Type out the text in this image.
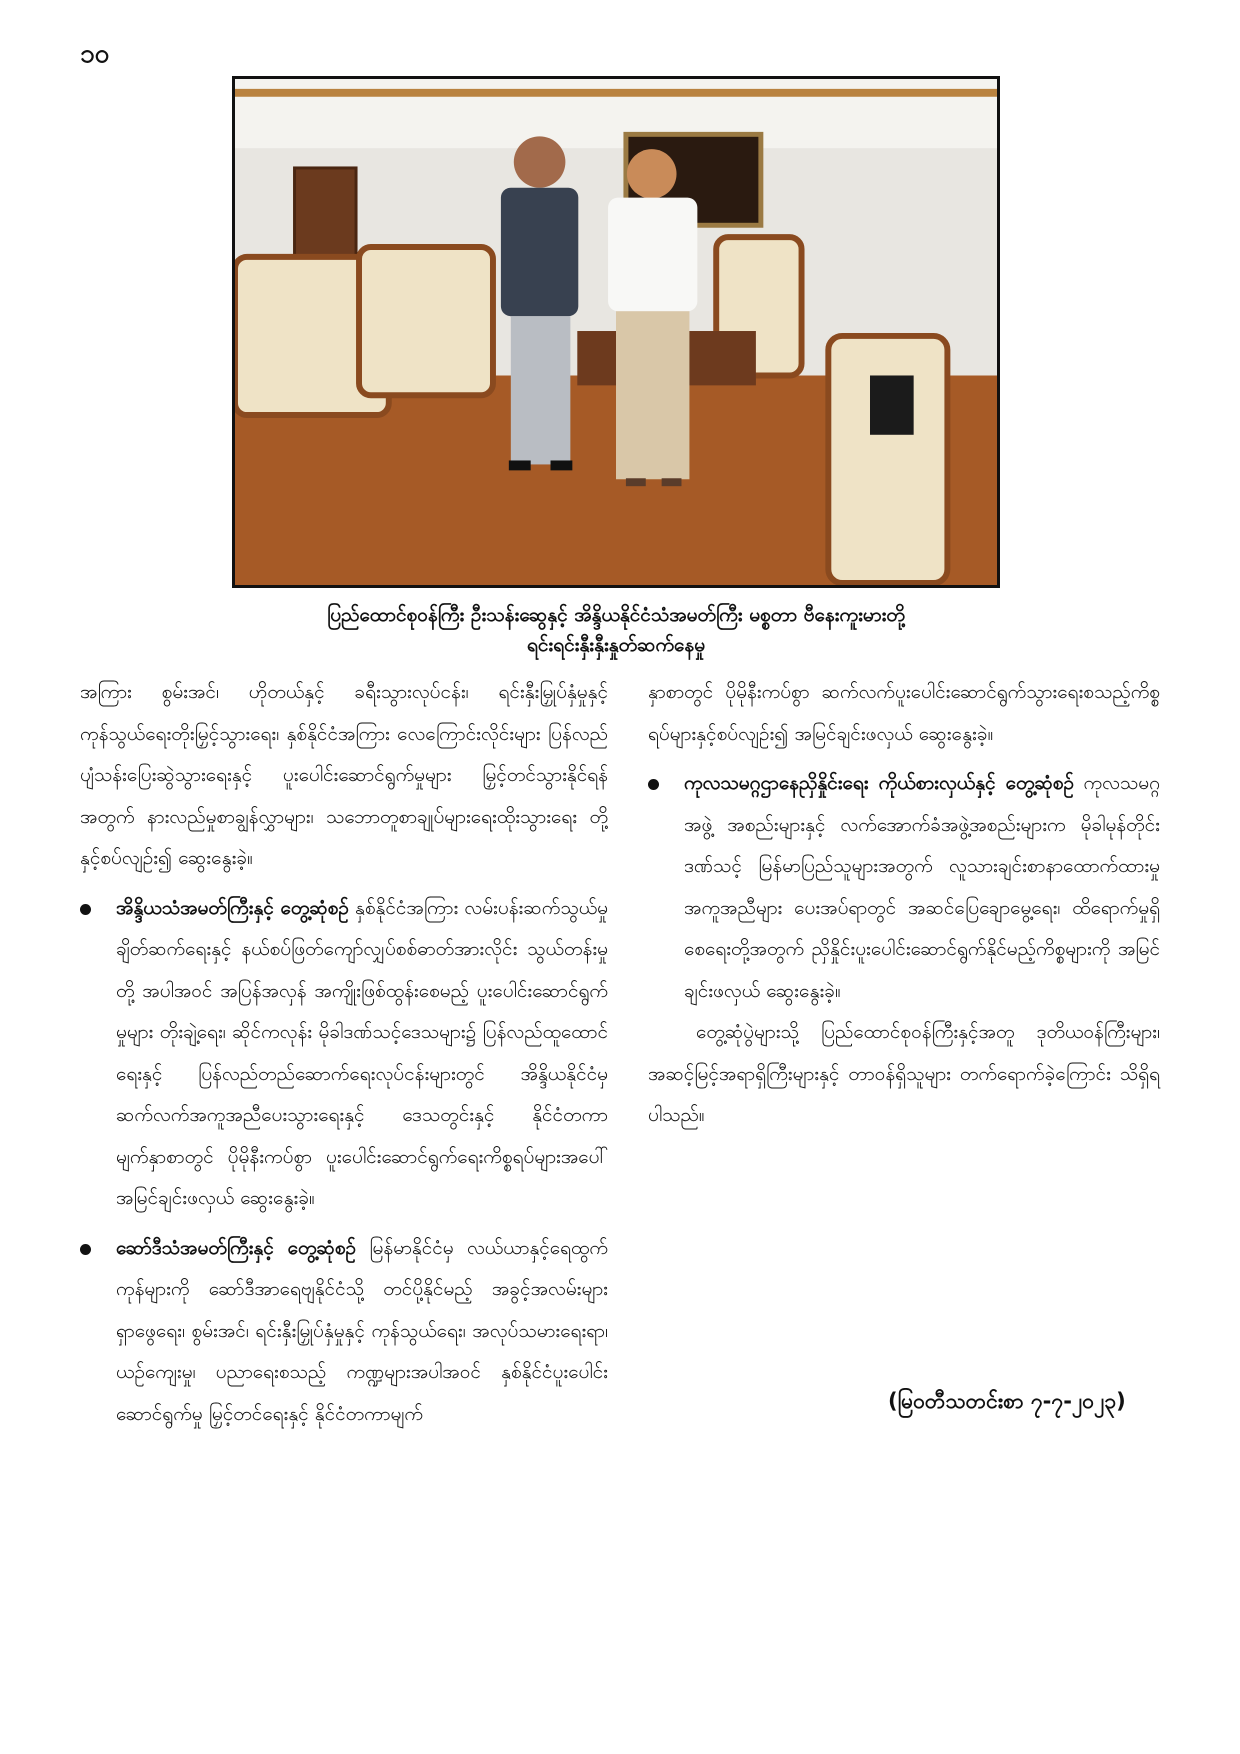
၁၀
ပြည်ထောင်စုဝန်ကြီး ဦးသန်းဆွေနှင့် အိန္ဒိယနိုင်ငံသံအမတ်ကြီး မစ္စတာ ဗီနေးကူးမားတို့
ရင်းရင်းနှီးနှီးနှုတ်ဆက်နေမှု

အကြား စွမ်းအင်၊ ဟိုတယ်နှင့် ခရီးသွားလုပ်ငန်း၊ ရင်းနှီးမြှုပ်နှံမှုနှင့် ကုန်သွယ်ရေးတိုးမြှင့်သွားရေး၊ နှစ်နိုင်ငံအကြား လေကြောင်းလိုင်းများ ပြန်လည်ပျံသန်းပြေးဆွဲသွားရေးနှင့် ပူးပေါင်းဆောင်ရွက်မှုများ မြှင့်တင်သွားနိုင်ရန်အတွက် နားလည်မှုစာချွန်လွှာများ၊ သဘောတူစာချုပ်များရေးထိုးသွားရေး တို့နှင့်စပ်လျဉ်း၍ ဆွေးနွေးခဲ့။

အိန္ဒိယသံအမတ်ကြီးနှင့် တွေ့ဆုံစဉ် နှစ်နိုင်ငံအကြား လမ်းပန်းဆက်သွယ်မှု ချိတ်ဆက်ရေးနှင့် နယ်စပ်ဖြတ်ကျော်လျှပ်စစ်ဓာတ်အားလိုင်း သွယ်တန်းမှုတို့ အပါအဝင် အပြန်အလှန် အကျိုးဖြစ်ထွန်းစေမည့် ပူးပေါင်းဆောင်ရွက်မှုများ တိုးချဲ့ရေး၊ ဆိုင်ကလုန်း မိုခါဒဏ်သင့်ဒေသများ၌ ပြန်လည်ထူထောင်ရေးနှင့် ပြန်လည်တည်ဆောက်ရေးလုပ်ငန်းများတွင် အိန္ဒိယနိုင်ငံမှ ဆက်လက်အကူအညီပေးသွားရေးနှင့် ဒေသတွင်းနှင့် နိုင်ငံတကာမျက်နှာစာတွင် ပိုမိုနီးကပ်စွာ ပူးပေါင်းဆောင်ရွက်ရေးကိစ္စရပ်များအပေါ် အမြင်ချင်းဖလှယ် ဆွေးနွေးခဲ့။

ဆော်ဒီသံအမတ်ကြီးနှင့် တွေ့ဆုံစဉ် မြန်မာနိုင်ငံမှ လယ်ယာနှင့်ရေထွက်ကုန်များကို ဆော်ဒီအာရေဗျနိုင်ငံသို့ တင်ပို့နိုင်မည့် အခွင့်အလမ်းများ ရှာဖွေရေး၊ စွမ်းအင်၊ ရင်းနှီးမြှုပ်နှံမှုနှင့် ကုန်သွယ်ရေး၊ အလုပ်သမားရေးရာ၊ ယဉ်ကျေးမှု၊ ပညာရေးစသည့် ကဏ္ဍများအပါအဝင် နှစ်နိုင်ငံပူးပေါင်းဆောင်ရွက်မှု မြှင့်တင်ရေးနှင့် နိုင်ငံတကာမျက်

နှာစာတွင် ပိုမိုနီးကပ်စွာ ဆက်လက်ပူးပေါင်းဆောင်ရွက်သွားရေးစသည့်ကိစ္စရပ်များနှင့်စပ်လျဉ်း၍ အမြင်ချင်းဖလှယ် ဆွေးနွေးခဲ့။

ကုလသမဂ္ဂဌာနေညှိနှိုင်းရေး ကိုယ်စားလှယ်နှင့် တွေ့ဆုံစဉ် ကုလသမဂ္ဂအဖွဲ့ အစည်းများနှင့် လက်အောက်ခံအဖွဲ့အစည်းများက မိုခါမုန်တိုင်းဒဏ်သင့် မြန်မာပြည်သူများအတွက် လူသားချင်းစာနာထောက်ထားမှုအကူအညီများ ပေးအပ်ရာတွင် အဆင်ပြေချောမွေ့ရေး၊ ထိရောက်မှုရှိစေရေးတို့အတွက် ညှိနှိုင်းပူးပေါင်းဆောင်ရွက်နိုင်မည့်ကိစ္စများကို အမြင်ချင်းဖလှယ် ဆွေးနွေးခဲ့။

တွေ့ဆုံပွဲများသို့ ပြည်ထောင်စုဝန်ကြီးနှင့်အတူ ဒုတိယဝန်ကြီးများ၊ အဆင့်မြင့်အရာရှိကြီးများနှင့် တာဝန်ရှိသူများ တက်ရောက်ခဲ့ကြောင်း သိရှိရပါသည်။

(မြဝတီသတင်းစာ ၇-၇-၂၀၂၃)
